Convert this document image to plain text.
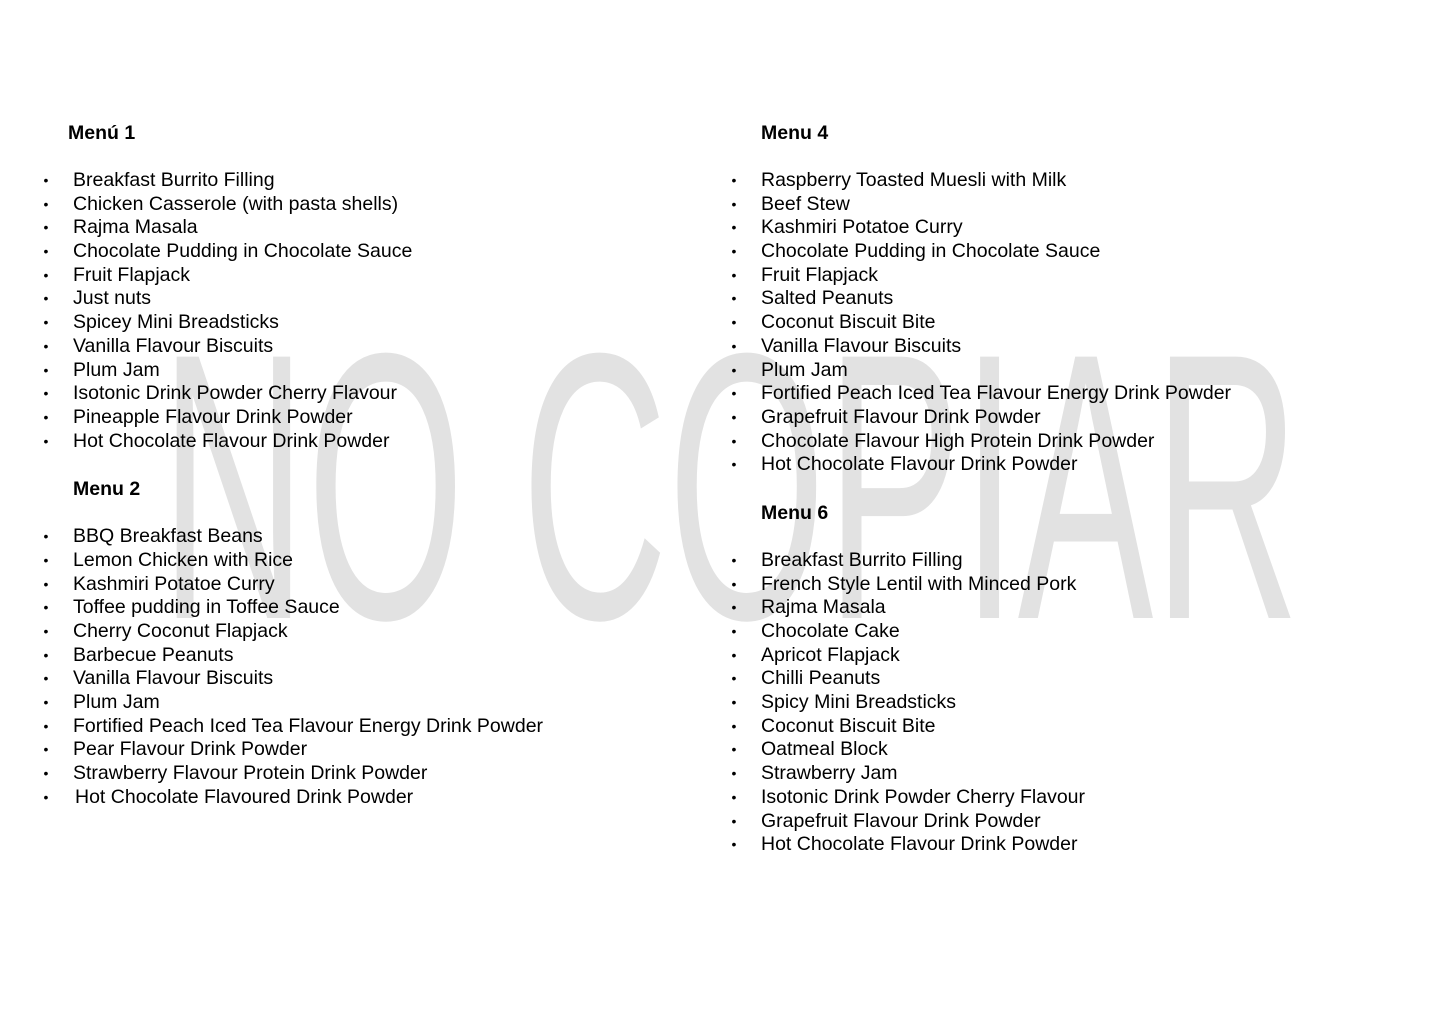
NO COPIAR
Menú 1
• Breakfast Burrito Filling
• Chicken Casserole (with pasta shells)
• Rajma Masala
• Chocolate Pudding in Chocolate Sauce
• Fruit Flapjack
• Just nuts
• Spicey Mini Breadsticks
• Vanilla Flavour Biscuits
• Plum Jam
• Isotonic Drink Powder Cherry Flavour
• Pineapple Flavour Drink Powder
• Hot Chocolate Flavour Drink Powder
Menu 2
• BBQ Breakfast Beans
• Lemon Chicken with Rice
• Kashmiri Potatoe Curry
• Toffee pudding in Toffee Sauce
• Cherry Coconut Flapjack
• Barbecue Peanuts
• Vanilla Flavour Biscuits
• Plum Jam
• Fortified Peach Iced Tea Flavour Energy Drink Powder
• Pear Flavour Drink Powder
• Strawberry Flavour Protein Drink Powder
• Hot Chocolate Flavoured Drink Powder
Menu 4
• Raspberry Toasted Muesli with Milk
• Beef Stew
• Kashmiri Potatoe Curry
• Chocolate Pudding in Chocolate Sauce
• Fruit Flapjack
• Salted Peanuts
• Coconut Biscuit Bite
• Vanilla Flavour Biscuits
• Plum Jam
• Fortified Peach Iced Tea Flavour Energy Drink Powder
• Grapefruit Flavour Drink Powder
• Chocolate Flavour High Protein Drink Powder
• Hot Chocolate Flavour Drink Powder
Menu 6
• Breakfast Burrito Filling
• French Style Lentil with Minced Pork
• Rajma Masala
• Chocolate Cake
• Apricot Flapjack
• Chilli Peanuts
• Spicy Mini Breadsticks
• Coconut Biscuit Bite
• Oatmeal Block
• Strawberry Jam
• Isotonic Drink Powder Cherry Flavour
• Grapefruit Flavour Drink Powder
• Hot Chocolate Flavour Drink Powder
